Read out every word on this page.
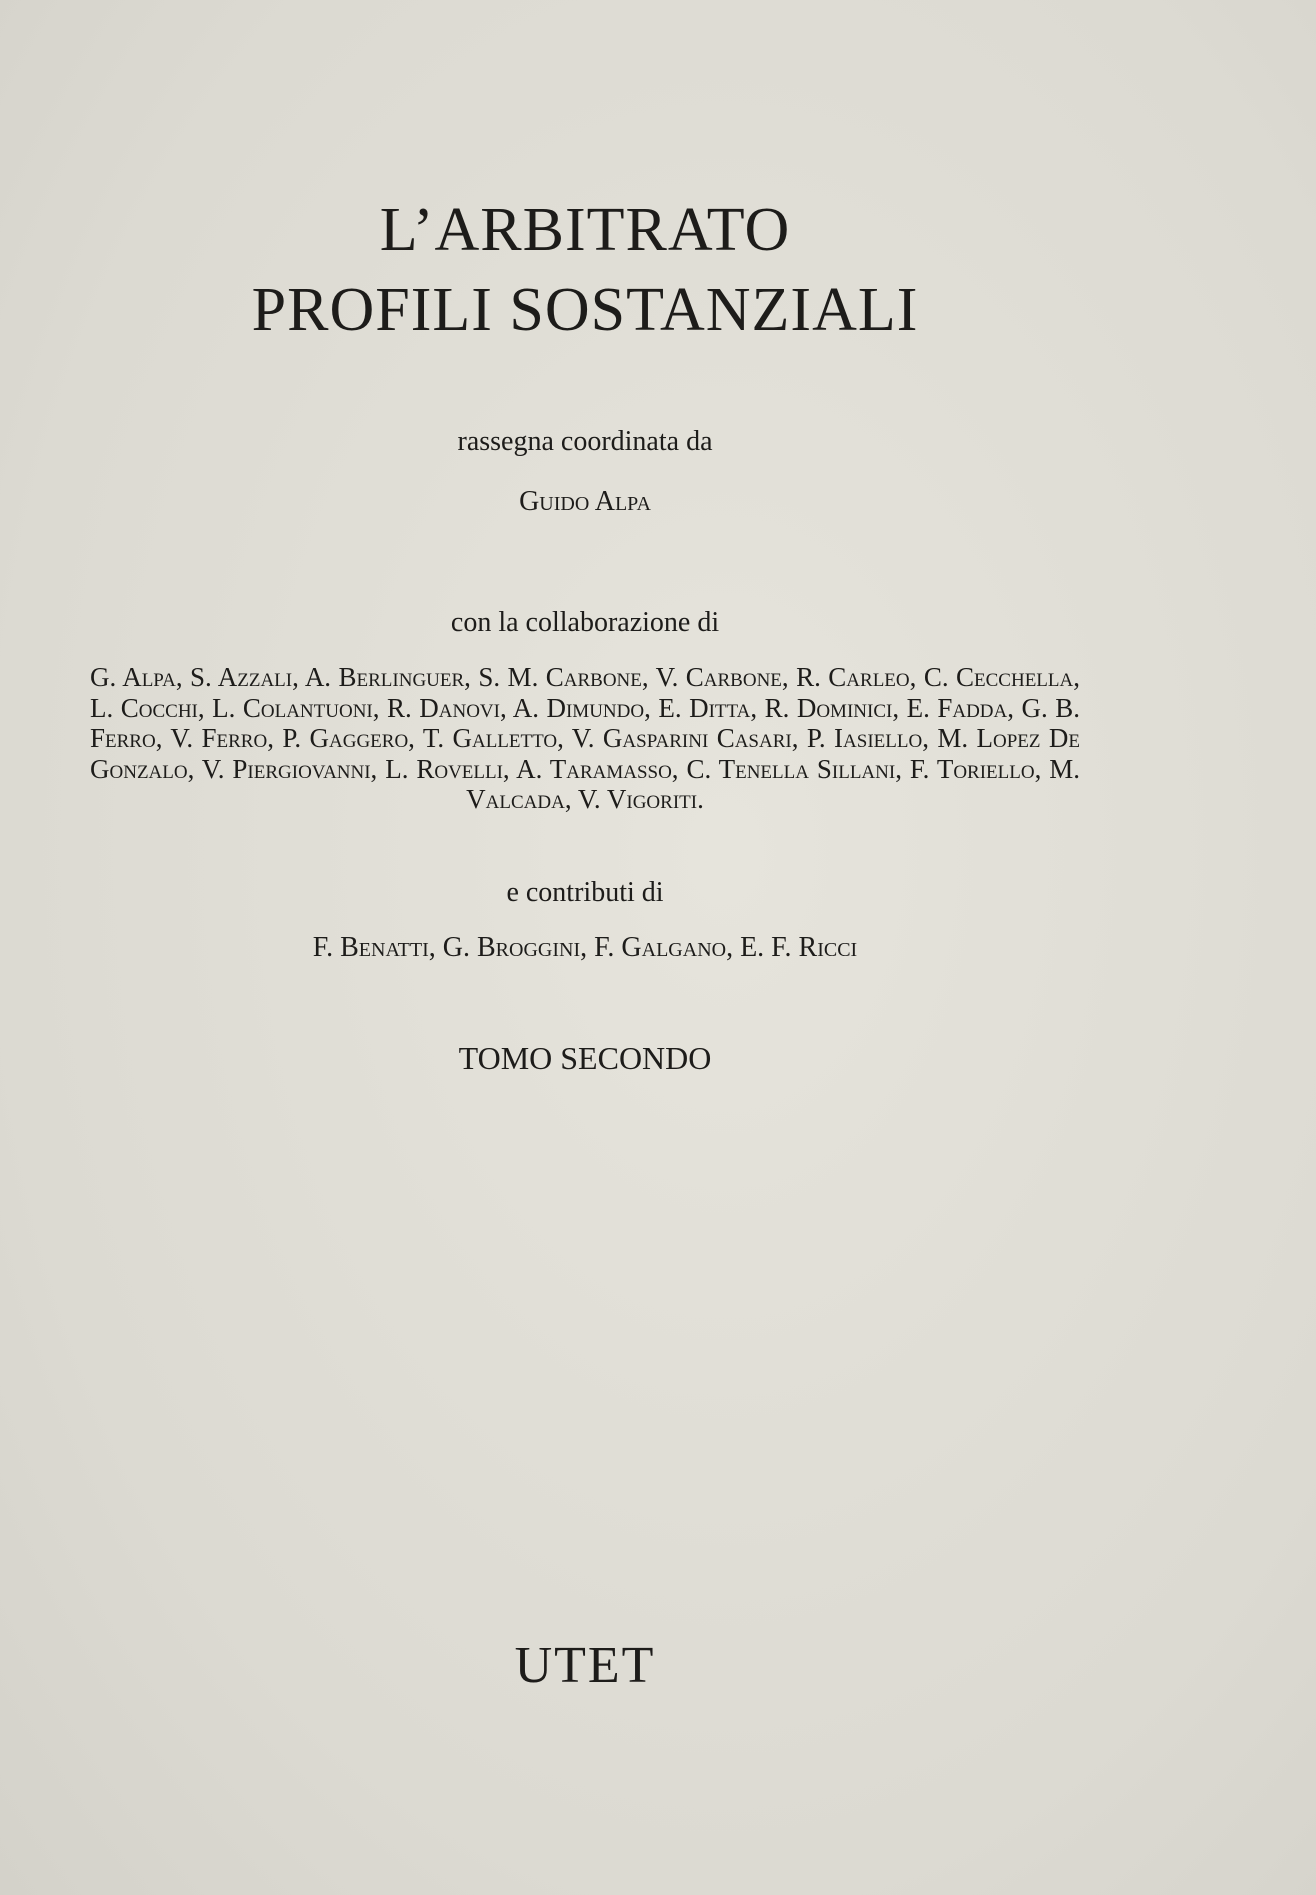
L’ARBITRATO
PROFILI SOSTANZIALI
rassegna coordinata da
Guido Alpa
con la collaborazione di
G. Alpa, S. Azzali, A. Berlinguer, S. M. Carbone, V. Carbone, R. Carleo, C. Cecchella, L. Cocchi, L. Colantuoni, R. Danovi, A. Dimundo, E. Ditta, R. Dominici, E. Fadda, G. B. Ferro, V. Ferro, P. Gaggero, T. Galletto, V. Gasparini Casari, P. Iasiello, M. Lopez De Gonzalo, V. Piergiovanni, L. Rovelli, A. Taramasso, C. Tenella Sillani, F. Toriello, M. Valcada, V. Vigoriti.
e contributi di
F. Benatti, G. Broggini, F. Galgano, E. F. Ricci
TOMO SECONDO
UTET
